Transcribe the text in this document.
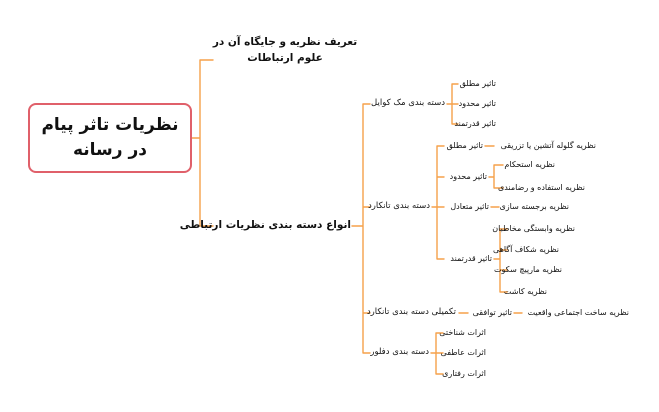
نظریات تاثر پیام در رسانه
تعریف نظریه و جایگاه آن در علوم ارتباطات
انواع دسته بندی نظریات ارتباطی
دسته بندی مک کوایل
تاثیر مطلق
تاثیر محدود
تاثیر قدرتمند
دسته بندی تانکارد
تاثیر مطلق نظریه گلوله آتشین یا تزریقی
تاثیر محدود
نظریه استحکام
نظریه استفاده و رضامندی
تاثیر متعادل نظریه برجسته سازی
تاثیر قدرتمند
نظریه وابستگی مخاطبان
نظریه شکاف آگاهی
نظریه مارپیچ سکوت
نظریه کاشت
تکمیلی دسته بندی تانکارد تاثیر توافقی نظریه ساخت اجتماعی واقعیت
دسته بندی دفلور
اثرات شناختی
اثرات عاطفی
اثرات رفتاری
